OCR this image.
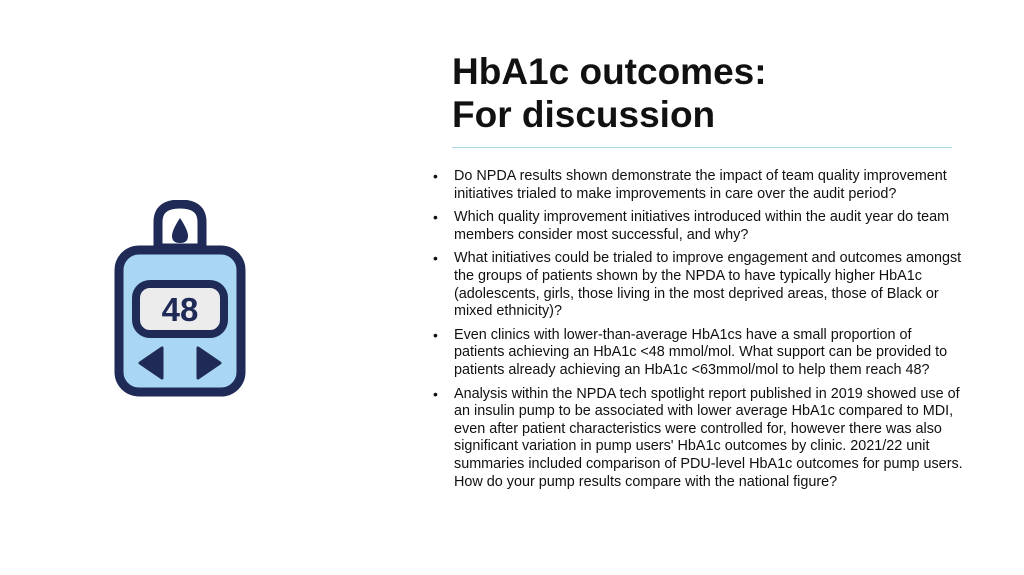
48
HbA1c outcomes:
For discussion
• Do NPDA results shown demonstrate the impact of team quality improvement initiatives trialed to make improvements in care over the audit period?
• Which quality improvement initiatives introduced within the audit year do team members consider most successful, and why?
• What initiatives could be trialed to improve engagement and outcomes amongst the groups of patients shown by the NPDA to have typically higher HbA1c (adolescents, girls, those living in the most deprived areas, those of Black or mixed ethnicity)?
• Even clinics with lower-than-average HbA1cs have a small proportion of patients achieving an HbA1c <48 mmol/mol. What support can be provided to patients already achieving an HbA1c <63mmol/mol to help them reach 48?
• Analysis within the NPDA tech spotlight report published in 2019 showed use of an insulin pump to be associated with lower average HbA1c compared to MDI, even after patient characteristics were controlled for, however there was also significant variation in pump users' HbA1c outcomes by clinic. 2021/22 unit summaries included comparison of PDU-level HbA1c outcomes for pump users. How do your pump results compare with the national figure?
